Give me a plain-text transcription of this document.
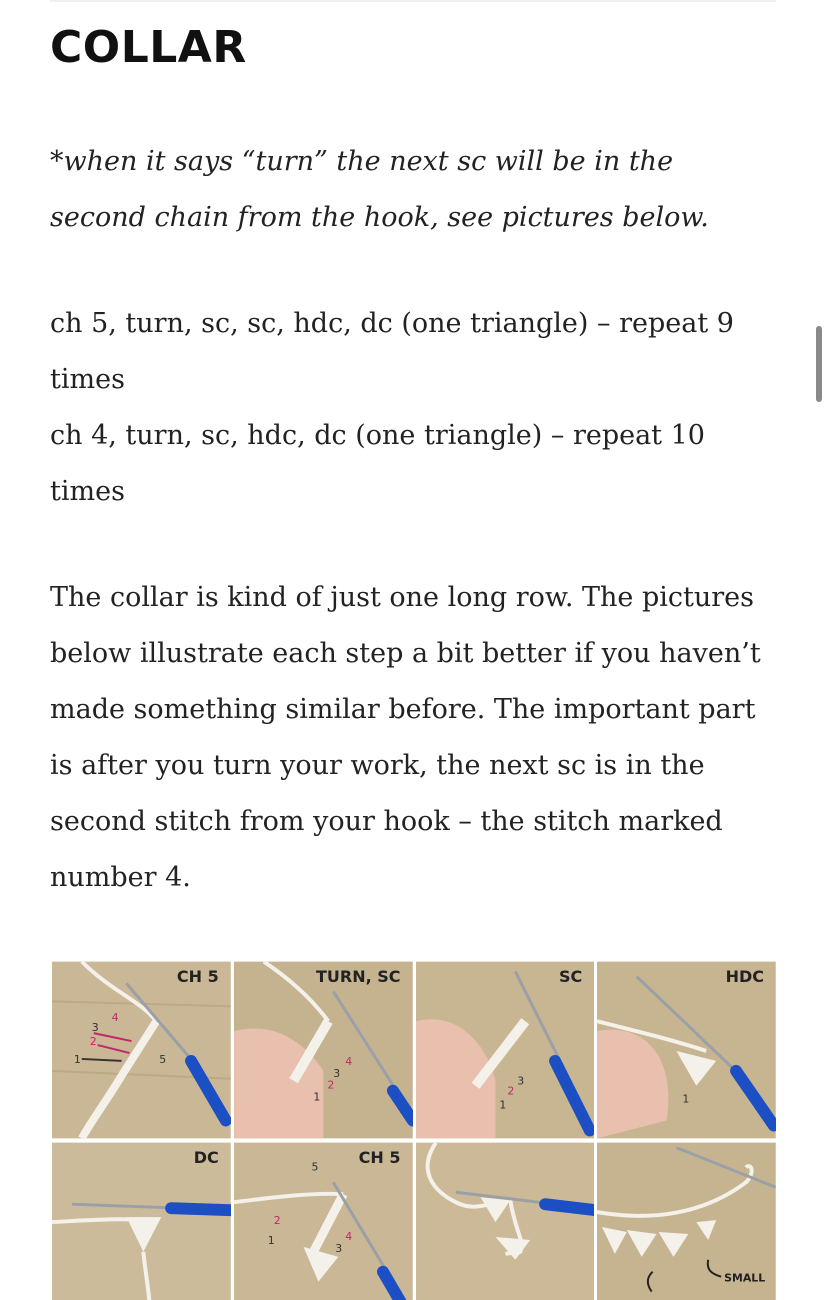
COLLAR

*when it says “turn” the next sc will be in the second chain from the hook, see pictures below.

ch 5, turn, sc, sc, hdc, dc (one triangle) – repeat 9 times
ch 4, turn, sc, hdc, dc (one triangle) – repeat 10 times

The collar is kind of just one long row. The pictures below illustrate each step a bit better if you haven’t made something similar before. The important part is after you turn your work, the next sc is in the second stitch from your hook – the stitch marked number 4.

1
2
3
4
5
CH 5
1
2
3
4
TURN, SC
1
2
3
SC
1
HDC
DC
1
2
3
4
5	CH 5
SMALL
